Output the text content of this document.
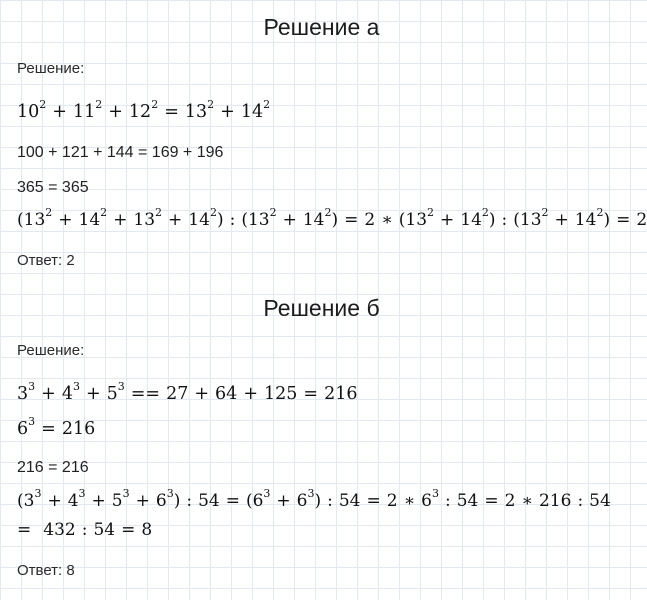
Решение а
Решение:
$10^2 + 11^2 + 12^2 = 13^2 + 14^2$
100 + 121 + 144 = 169 + 196
365 = 365
$(13^2 + 14^2 + 13^2 + 14^2)$ : $(13^2 + 14^2) = 2$ ∗ $(13^2 + 14^2)$ : $(13^2 + 14^2) = 2$
Ответ: 2
Решение б
Решение:
$3^3 + 4^3 + 5^3 == 27 + 64 + 125 = 216$
$6^3 = 216$
216 = 216
$(3^3 + 4^3 + 5^3 + 6^3)$ : $54 = (6^3 + 6^3)$ : 54 = 2 ∗ $6^3$ : 54 = 2 ∗ 216 : 54
= 432 : 54 = 8
Ответ: 8
